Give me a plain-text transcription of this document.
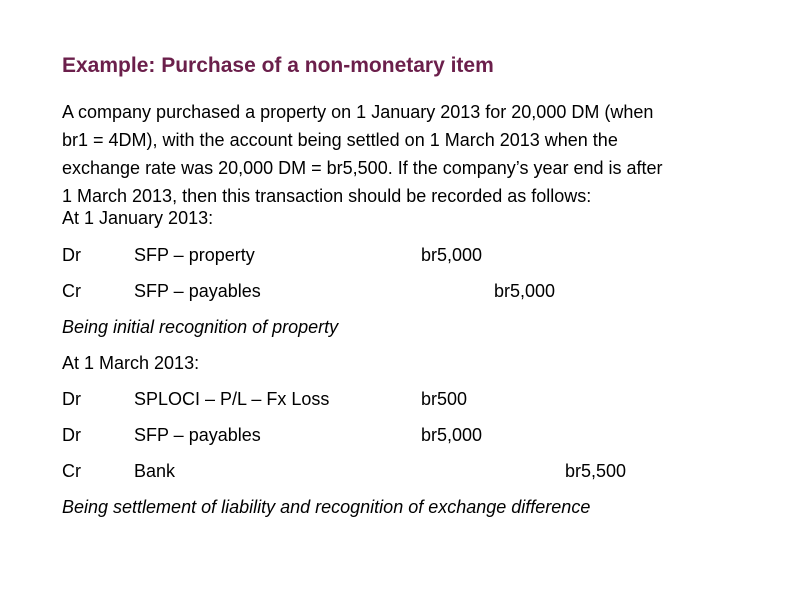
Example: Purchase of a non-monetary item
A company purchased a property on 1 January 2013 for 20,000 DM (when
br1 = 4DM), with the account being settled on 1 March 2013 when the
exchange rate was 20,000 DM = br5,500. If the company’s year end is after
1 March 2013, then this transaction should be recorded as follows:
At 1 January 2013:
Dr	SFP – property	br5,000
Cr	SFP – payables	br5,000
Being initial recognition of property
At 1 March 2013:
Dr	SPLOCI – P/L – Fx Loss	br500
Dr	SFP – payables	br5,000
Cr	Bank	br5,500
Being settlement of liability and recognition of exchange difference
